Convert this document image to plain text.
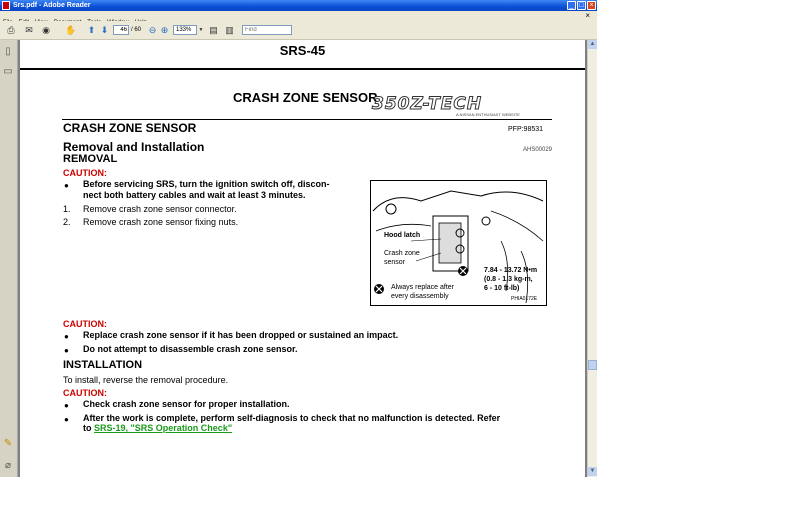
Srs.pdf - Adobe Reader	_ □ ×
×
⎙	✉	◉	✋ ⬆ ⬇
46	/ 60 ⊖ ⊕	133%	▼ ▤ ▥
Find
▯
▭
✎
⌀
SRS-45
CRASH ZONE SENSOR
350Z-TECH
A NISSAN ENTHUSIAST WEBSITE
CRASH ZONE SENSOR	PFP:98531
Removal and Installation	AHS00029
REMOVAL
CAUTION:
● Before servicing SRS, turn the ignition switch off, discon-
nect both battery cables and wait at least 3 minutes.
1. Remove crash zone sensor connector.
2. Remove crash zone sensor fixing nuts.
Hood latch
Crash zone
sensor
7.84 - 13.72 N•m
(0.8 - 1.3 kg-m,
6 - 10 ft-lb)
Always replace after
every disassembly	PHIA0172E
CAUTION:
● Replace crash zone sensor if it has been dropped or sustained an impact.
● Do not attempt to disassemble crash zone sensor.
INSTALLATION
To install, reverse the removal procedure.
CAUTION:
● Check crash zone sensor for proper installation.
● After the work is complete, perform self-diagnosis to check that no malfunction is detected. Refer
to SRS-19, "SRS Operation Check"
▲
▼
